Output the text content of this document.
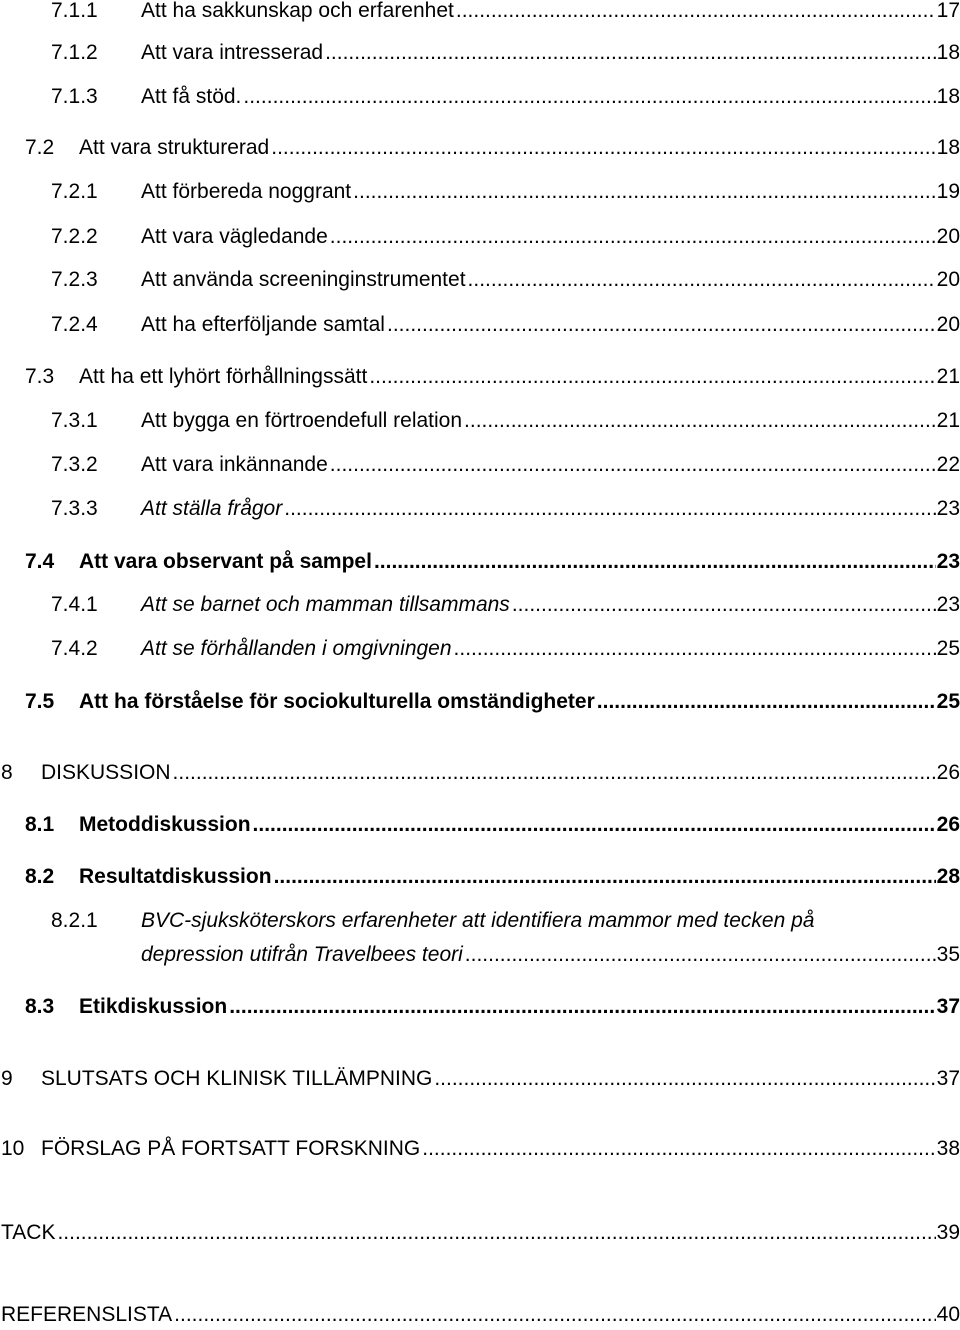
7.1.1 Att ha sakkunskap och erfarenhet .....	17
7.1.2 Att vara intresserad .....	18
7.1.3 Att få stöd. .....	18
7.2 Att vara strukturerad .....	18
7.2.1 Att förbereda noggrant .....	19
7.2.2 Att vara vägledande .....	20
7.2.3 Att använda screeninginstrumentet .....	20
7.2.4 Att ha efterföljande samtal .....	20
7.3 Att ha ett lyhört förhållningssätt .....	21
7.3.1 Att bygga en förtroendefull relation .....	21
7.3.2 Att vara inkännande .....	22
7.3.3 Att ställa frågor .....	23
7.4 Att vara observant på sampel .....	23
7.4.1 Att se barnet och mamman tillsammans .....	23
7.4.2 Att se förhållanden i omgivningen .....	25
7.5 Att ha förståelse för sociokulturella omständigheter .....	25
8 DISKUSSION .....	26
8.1 Metoddiskussion .....	26
8.2 Resultatdiskussion .....	28
8.2.1 BVC-sjuksköterskors erfarenheter att identifiera mammor med tecken på
depression utifrån Travelbees teori .....	35
8.3 Etikdiskussion .....	37
9 SLUTSATS OCH KLINISK TILLÄMPNING .....	37
10 FÖRSLAG PÅ FORTSATT FORSKNING .....	38
TACK .....	39
REFERENSLISTA .....	40
